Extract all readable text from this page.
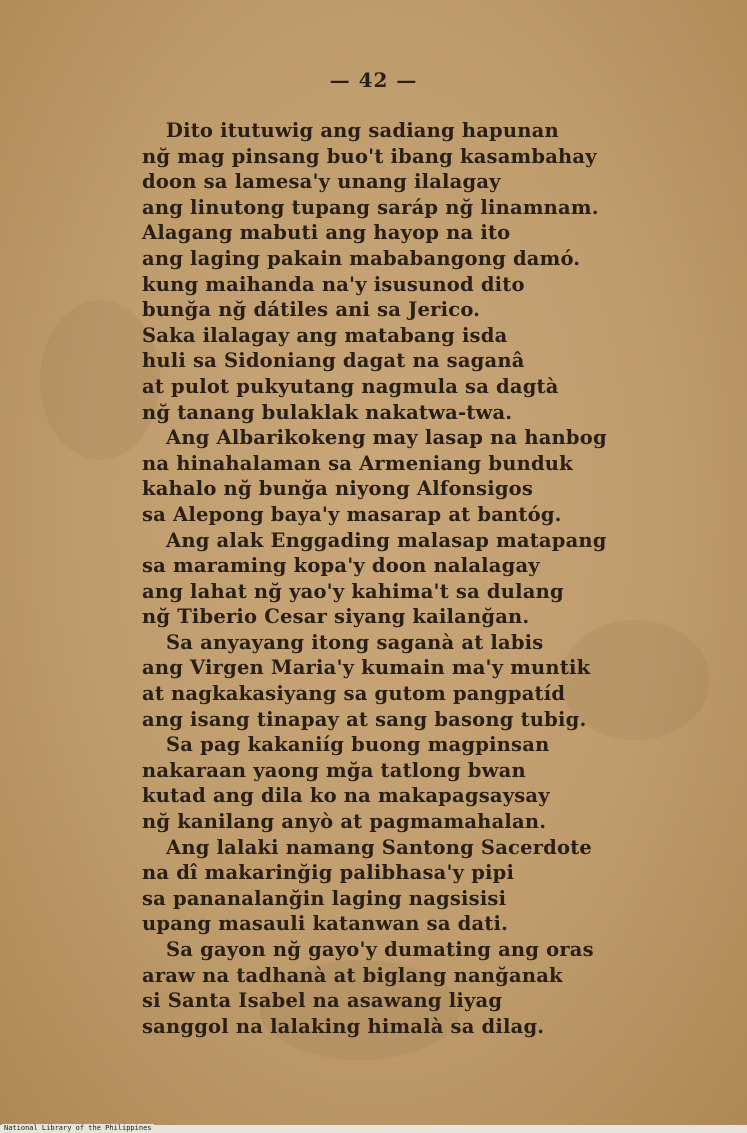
— 42 —
Dito itutuwig ang sadiang hapunan
nğ mag pinsang buo't ibang kasambahay
doon sa lamesa'y unang ilalagay
ang linutong tupang saráp nğ linamnam.
Alagang mabuti ang hayop na ito
ang laging pakain mababangong damó.
kung maihanda na'y isusunod dito
bunğa nğ dátiles ani sa Jerico.
Saka ilalagay ang matabang isda
huli sa Sidoniang dagat na saganâ
at pulot pukyutang nagmula sa dagtà
nğ tanang bulaklak nakatwa-twa.
Ang Albarikokeng may lasap na hanbog
na hinahalaman sa Armeniang bunduk
kahalo nğ bunğa niyong Alfonsigos
sa Alepong baya'y masarap at bantóg.
Ang alak Enggading malasap matapang
sa maraming kopa'y doon nalalagay
ang lahat nğ yao'y kahima't sa dulang
nğ Tiberio Cesar siyang kailanğan.
Sa anyayang itong saganà at labis
ang Virgen Maria'y kumain ma'y muntik
at nagkakasiyang sa gutom pangpatíd
ang isang tinapay at sang basong tubig.
Sa pag kakaniíg buong magpinsan
nakaraan yaong mğa tatlong bwan
kutad ang dila ko na makapagsaysay
nğ kanilang anyò at pagmamahalan.
Ang lalaki namang Santong Sacerdote
na dî makarinğig palibhasa'y pipi
sa pananalanğin laging nagsisisi
upang masauli katanwan sa dati.
Sa gayon nğ gayo'y dumating ang oras
araw na tadhanà at biglang nanğanak
si Santa Isabel na asawang liyag
sanggol na lalaking himalà sa dilag.
National Library of the Philippines
